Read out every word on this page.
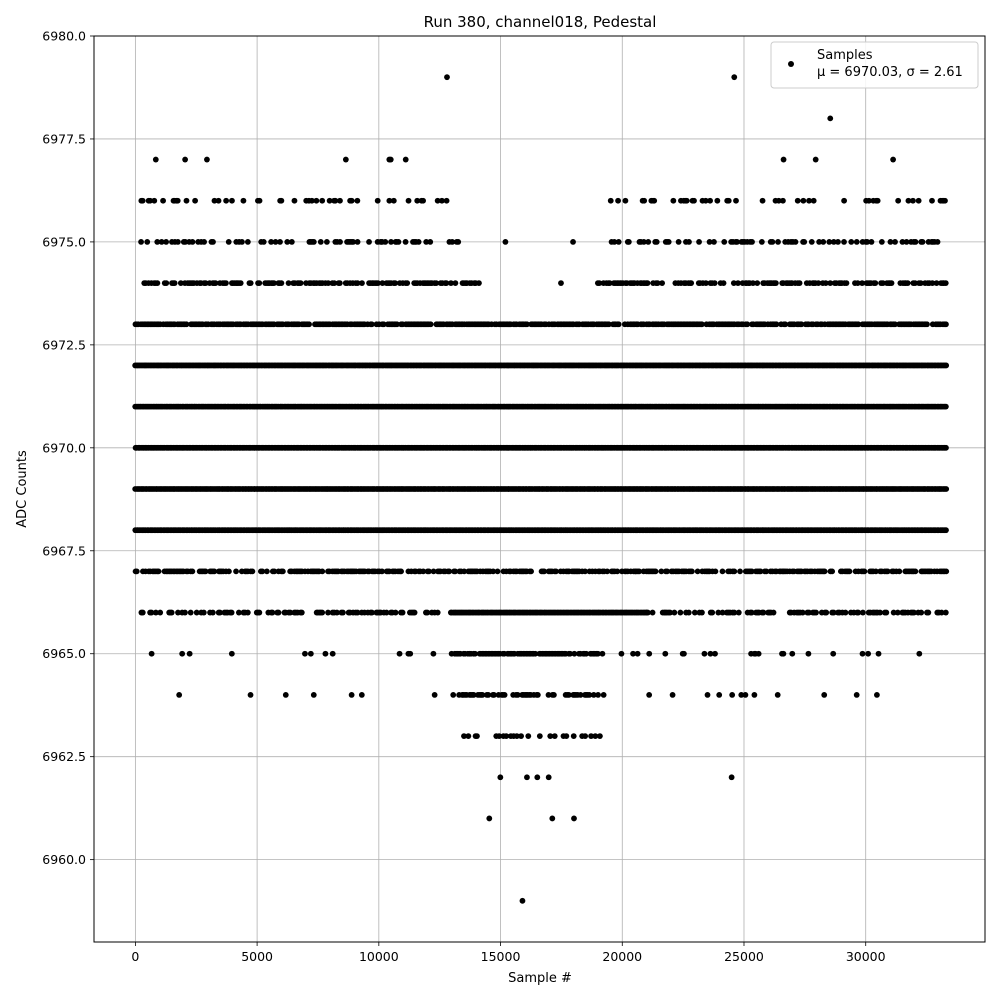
Run 380, channel018, Pedestal
0	5000	10000	15000	20000	25000	30000
6960.0
6962.5
6965.0
6967.5
6970.0
6972.5
6975.0
6977.5
6980.0
Sample #
ADC Counts
Samples
μ = 6970.03, σ = 2.61
